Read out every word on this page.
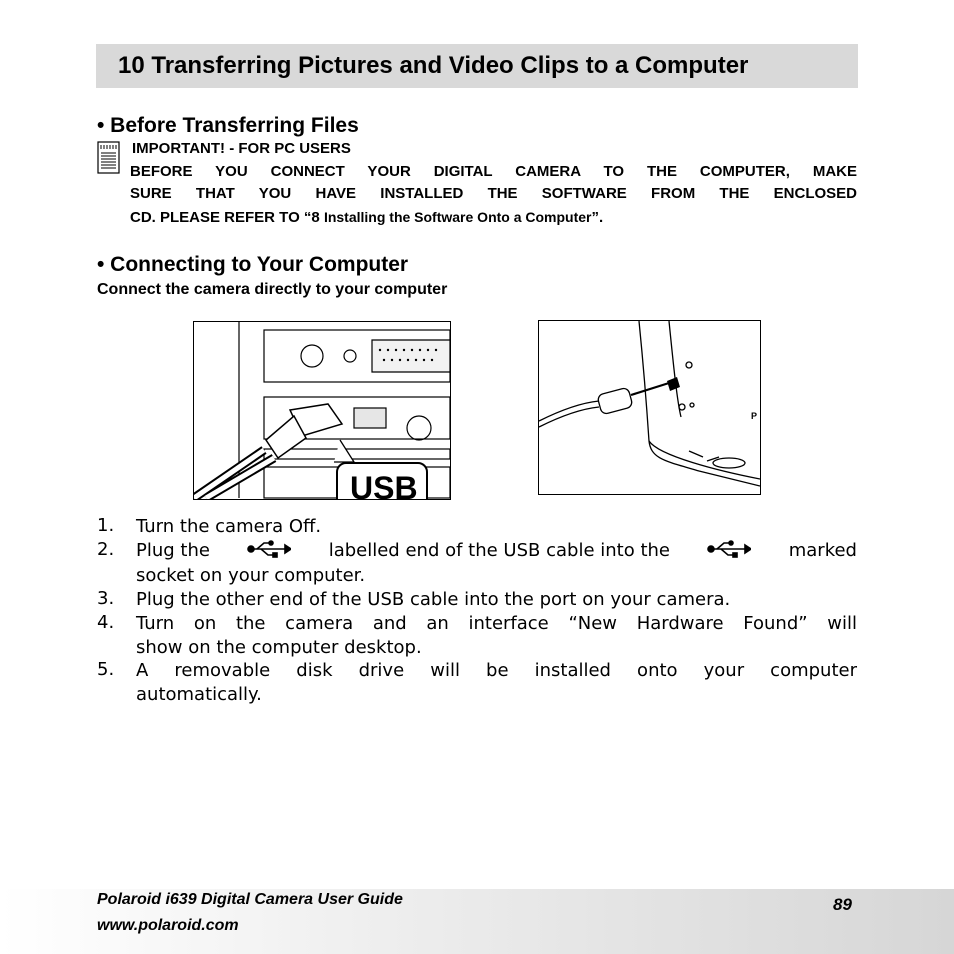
10 Transferring Pictures and Video Clips to a Computer
• Before Transferring Files
IMPORTANT! - FOR PC USERS
BEFORE YOU CONNECT YOUR DIGITAL CAMERA TO THE COMPUTER, MAKE
SURE THAT YOU HAVE INSTALLED THE SOFTWARE FROM THE ENCLOSED
CD. PLEASE REFER TO “8 Installing the Software Onto a Computer”.
• Connecting to Your Computer
Connect the camera directly to your computer
USB
P
1. Turn the camera Off.
2. Plug the	labelled end of the USB cable into the	marked
socket on your computer.
3. Plug the other end of the USB cable into the port on your camera.
4. Turn on the camera and an interface “New Hardware Found” will
show on the computer desktop.
5. A removable disk drive will be installed onto your computer
automatically.
Polaroid i639 Digital Camera User Guide
www.polaroid.com
89
